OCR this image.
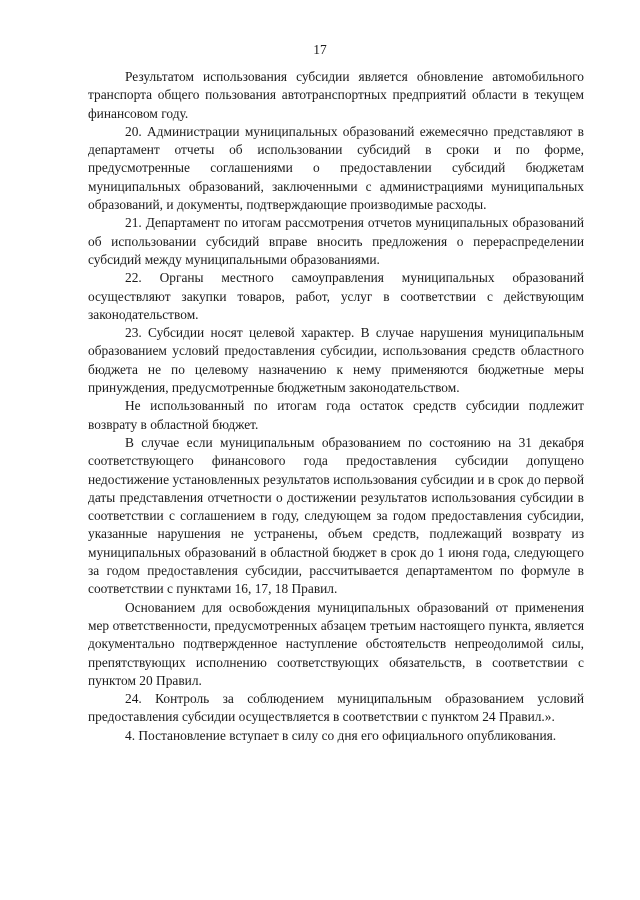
17

Результатом использования субсидии является обновление автомобильного транспорта общего пользования автотранспортных предприятий области в текущем финансовом году.

20. Администрации муниципальных образований ежемесячно представляют в департамент отчеты об использовании субсидий в сроки и по форме, предусмотренные соглашениями о предоставлении субсидий бюджетам муниципальных образований, заключенными с администрациями муниципальных образований, и документы, подтверждающие производимые расходы.

21. Департамент по итогам рассмотрения отчетов муниципальных образований об использовании субсидий вправе вносить предложения о перераспределении субсидий между муниципальными образованиями.

22. Органы местного самоуправления муниципальных образований осуществляют закупки товаров, работ, услуг в соответствии с действующим законодательством.

23. Субсидии носят целевой характер. В случае нарушения муниципальным образованием условий предоставления субсидии, использования средств областного бюджета не по целевому назначению к нему применяются бюджетные меры принуждения, предусмотренные бюджетным законодательством.

Не использованный по итогам года остаток средств субсидии подлежит возврату в областной бюджет.

В случае если муниципальным образованием по состоянию на 31 декабря соответствующего финансового года предоставления субсидии допущено недостижение установленных результатов использования субсидии и в срок до первой даты представления отчетности о достижении результатов использования субсидии в соответствии с соглашением в году, следующем за годом предоставления субсидии, указанные нарушения не устранены, объем средств, подлежащий возврату из муниципальных образований в областной бюджет в срок до 1 июня года, следующего за годом предоставления субсидии, рассчитывается департаментом по формуле в соответствии с пунктами 16, 17, 18 Правил.

Основанием для освобождения муниципальных образований от применения мер ответственности, предусмотренных абзацем третьим настоящего пункта, является документально подтвержденное наступление обстоятельств непреодолимой силы, препятствующих исполнению соответствующих обязательств, в соответствии с пунктом 20 Правил.

24. Контроль за соблюдением муниципальным образованием условий предоставления субсидии осуществляется в соответствии с пунктом 24 Правил.».

4. Постановление вступает в силу со дня его официального опубликования.
